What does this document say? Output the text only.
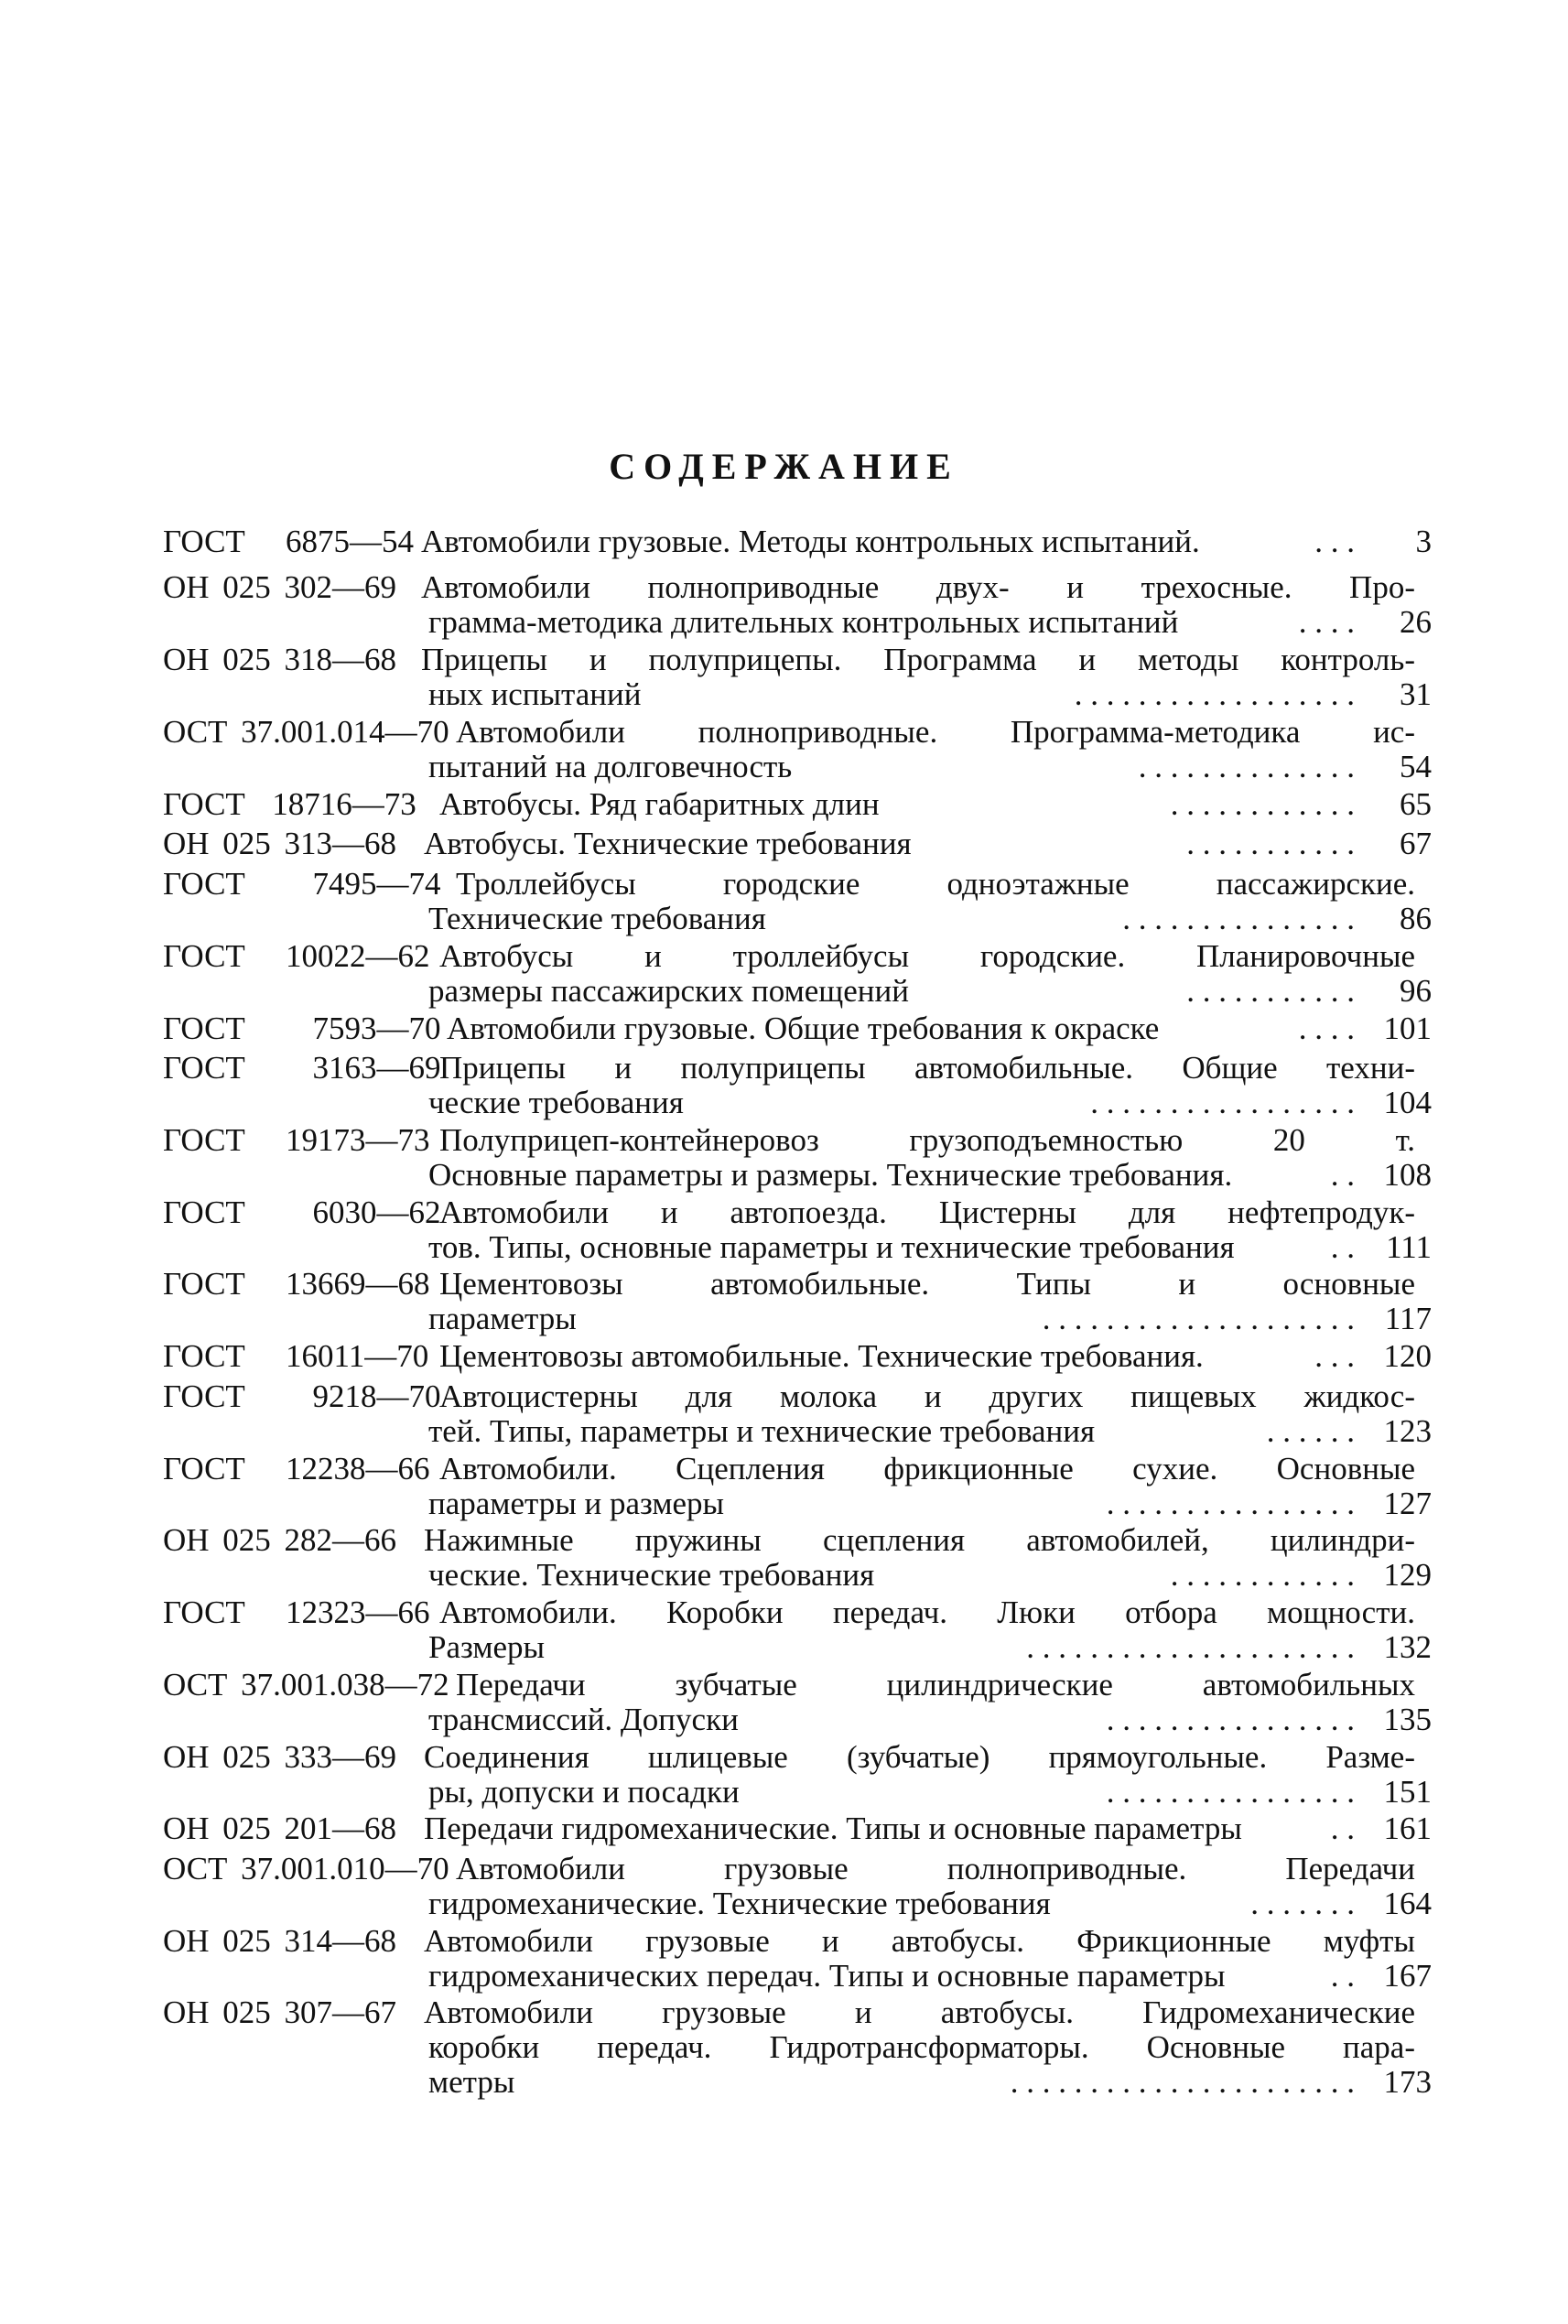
СОДЕРЖАНИЕ
ГОСТ   6875—54 Автомобили грузовые. Методы контрольных испытаний.	. . .	3
ОН 025 302—69 Автомобили полноприводные двух- и трехосные. Про-
грамма-методика длительных контрольных испытаний	. . . .	26
ОН 025 318—68 Прицепы и полуприцепы. Программа и методы контроль-
ных испытаний	. . . . . . . . . . . . . . . . . .	31
ОСТ 37.001.014—70 Автомобили полноприводные. Программа-методика ис-
пытаний на долговечность	. . . . . . . . . . . . . .	54
ГОСТ  18716—73 Автобусы. Ряд габаритных длин	. . . . . . . . . . . .	65
ОН 025 313—68 Автобусы. Технические требования	. . . . . . . . . . .	67
ГОСТ     7495—74 Троллейбусы городские одноэтажные пассажирские.
Технические требования	. . . . . . . . . . . . . . .	86
ГОСТ   10022—62 Автобусы и троллейбусы городские. Планировочные
размеры пассажирских помещений	. . . . . . . . . . .	96
ГОСТ     7593—70 Автомобили грузовые. Общие требования к окраске	. . . . 101
ГОСТ     3163—69
Прицепы и полуприцепы автомобильные. Общие техни-
ческие требования	. . . . . . . . . . . . . . . . . 104
ГОСТ   19173—73 Полуприцеп-контейнеровоз грузоподъемностью 20 т.
Основные параметры и размеры. Технические требования.	. . 108
ГОСТ     6030—62
Автомобили и автопоезда. Цистерны для нефтепродук-
тов. Типы, основные параметры и технические требования	. . 111
ГОСТ   13669—68 Цементовозы автомобильные. Типы и основные
параметры	. . . . . . . . . . . . . . . . . . . . 117
ГОСТ   16011—70 Цементовозы автомобильные. Технические требования.	. . . 120
ГОСТ     9218—70
Автоцистерны для молока и других пищевых жидкос-
тей. Типы, параметры и технические требования	. . . . . . 123
ГОСТ   12238—66 Автомобили. Сцепления фрикционные сухие. Основные
параметры и размеры	. . . . . . . . . . . . . . . . 127
ОН 025 282—66 Нажимные пружины сцепления автомобилей, цилиндри-
ческие. Технические требования	. . . . . . . . . . . . 129
ГОСТ   12323—66 Автомобили. Коробки передач. Люки отбора мощности.
Размеры	. . . . . . . . . . . . . . . . . . . . . 132
ОСТ 37.001.038—72 Передачи зубчатые цилиндрические автомобильных
трансмиссий. Допуски	. . . . . . . . . . . . . . . . 135
ОН 025 333—69 Соединения шлицевые (зубчатые) прямоугольные. Разме-
ры, допуски и посадки	. . . . . . . . . . . . . . . . 151
ОН 025 201—68 Передачи гидромеханические. Типы и основные параметры	. . 161
ОСТ 37.001.010—70 Автомобили грузовые полноприводные. Передачи
гидромеханические. Технические требования	. . . . . . . 164
ОН 025 314—68 Автомобили грузовые и автобусы. Фрикционные муфты
гидромеханических передач. Типы и основные параметры	. . 167
ОН 025 307—67 Автомобили грузовые и автобусы. Гидромеханические
коробки передач. Гидротрансформаторы. Основные пара-
метры	. . . . . . . . . . . . . . . . . . . . . . 173
